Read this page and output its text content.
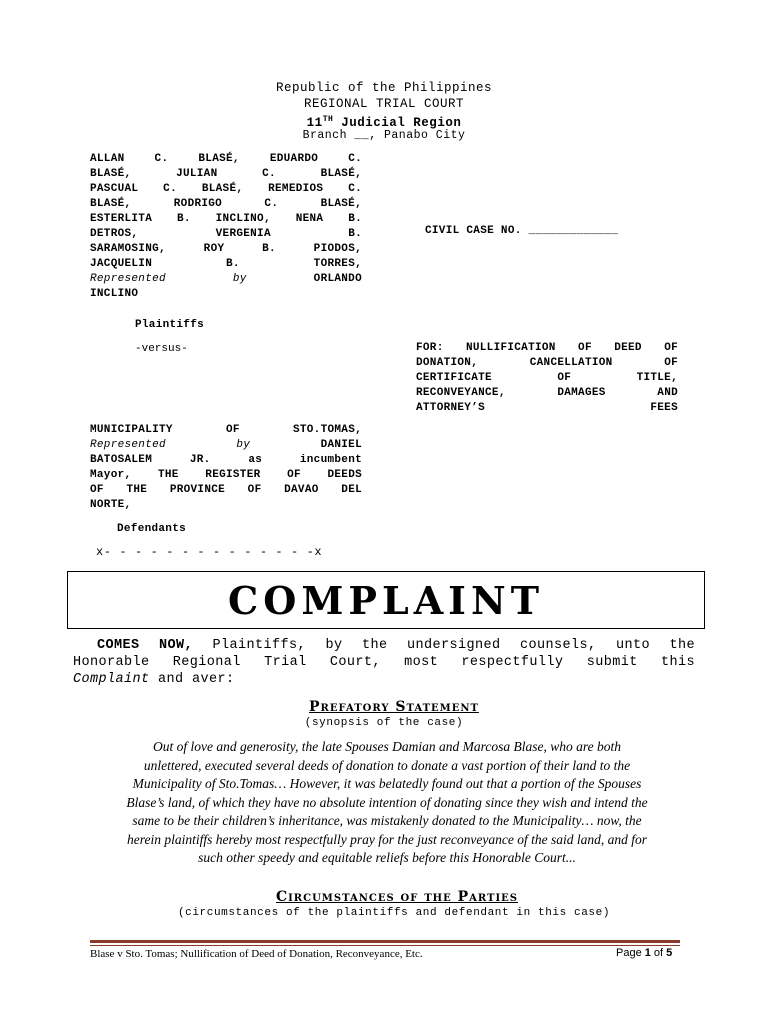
Republic of the Philippines
REGIONAL TRIAL COURT
11TH Judicial Region
Branch __, Panabo City
ALLAN C. BLASÉ, EDUARDO C.
BLASÉ, JULIAN C. BLASÉ,
PASCUAL C. BLASÉ, REMEDIOS C.
BLASÉ, RODRIGO C. BLASÉ,
ESTERLITA B. INCLINO, NENA B.
DETROS, VERGENIA B.
SARAMOSING, ROY B. PIODOS,
JACQUELIN B. TORRES,
Represented	by	ORLANDO
INCLINO
Plaintiffs
CIVIL CASE NO. _____________
-versus-	FOR: NULLIFICATION OF DEED OF
DONATION, CANCELLATION OF
CERTIFICATE OF TITLE,
RECONVEYANCE, DAMAGES AND
ATTORNEY’S FEES
MUNICIPALITY OF STO.TOMAS,
Represented	by	DANIEL
BATOSALEM JR. as incumbent
Mayor, THE REGISTER OF DEEDS
OF THE PROVINCE OF DAVAO DEL
NORTE,
Defendants
x- - - - - - - - - - - - - -x
COMPLAINT
COMES NOW, Plaintiffs, by the undersigned counsels, unto the
Honorable Regional Trial Court, most respectfully submit this
Complaint and aver:
Prefatory Statement
(synopsis of the case)
Out of love and generosity, the late Spouses Damian and Marcosa Blase, who are both
unlettered, executed several deeds of donation to donate a vast portion of their land to the
Municipality of Sto.Tomas… However, it was belatedly found out that a portion of the Spouses
Blase’s land, of which they have no absolute intention of donating since they wish and intend the
same to be their children’s inheritance, was mistakenly donated to the Municipality… now, the
herein plaintiffs hereby most respectfully pray for the just reconveyance of the said land, and for
such other speedy and equitable reliefs before this Honorable Court...
Circumstances of the Parties
(circumstances of the plaintiffs and defendant in this case)
Blase v Sto. Tomas; Nullification of Deed of Donation, Reconveyance, Etc.	Page 1 of 5
